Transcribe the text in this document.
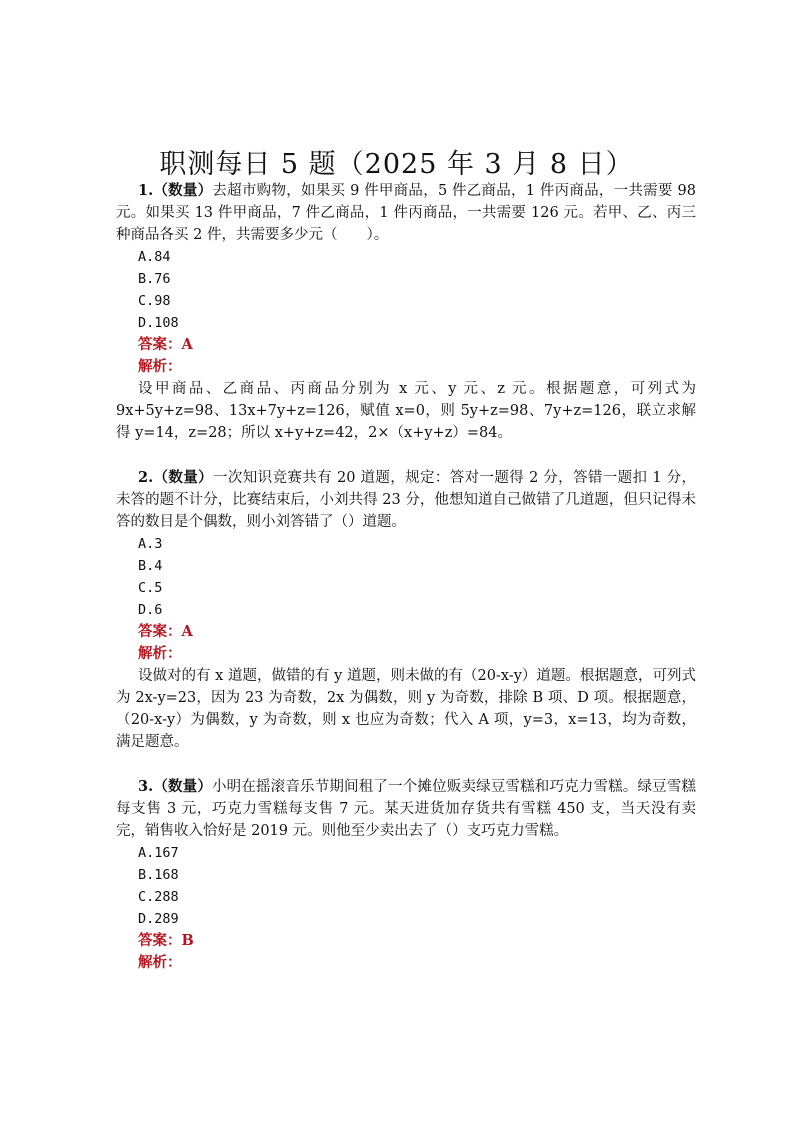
职测每日 5 题（2025 年 3 月 8 日）

1.（数量）去超市购物，如果买 9 件甲商品，5 件乙商品，1 件丙商品，一共需要 98 元。如果买 13 件甲商品，7 件乙商品，1 件丙商品，一共需要 126 元。若甲、乙、丙三种商品各买 2 件，共需要多少元（　　）。

A.84

B.76

C.98

D.108

答案：A

解析：

设甲商品、乙商品、丙商品分别为 x 元、y 元、z 元。根据题意，可列式为 9x+5y+z=98、13x+7y+z=126，赋值 x=0，则 5y+z=98、7y+z=126，联立求解得 y=14，z=28；所以 x+y+z=42，2×（x+y+z）=84。

2.（数量）一次知识竞赛共有 20 道题，规定：答对一题得 2 分，答错一题扣 1 分，未答的题不计分，比赛结束后，小刘共得 23 分，他想知道自己做错了几道题，但只记得未答的数目是个偶数，则小刘答错了（）道题。

A.3

B.4

C.5

D.6

答案：A

解析：

设做对的有 x 道题，做错的有 y 道题，则未做的有（20-x-y）道题。根据题意，可列式为 2x-y=23，因为 23 为奇数，2x 为偶数，则 y 为奇数，排除 B 项、D 项。根据题意，（20-x-y）为偶数，y 为奇数，则 x 也应为奇数；代入 A 项，y=3，x=13，均为奇数，满足题意。

3.（数量）小明在摇滚音乐节期间租了一个摊位贩卖绿豆雪糕和巧克力雪糕。绿豆雪糕每支售 3 元，巧克力雪糕每支售 7 元。某天进货加存货共有雪糕 450 支，当天没有卖完，销售收入恰好是 2019 元。则他至少卖出去了（）支巧克力雪糕。

A.167

B.168

C.288

D.289

答案：B

解析：
